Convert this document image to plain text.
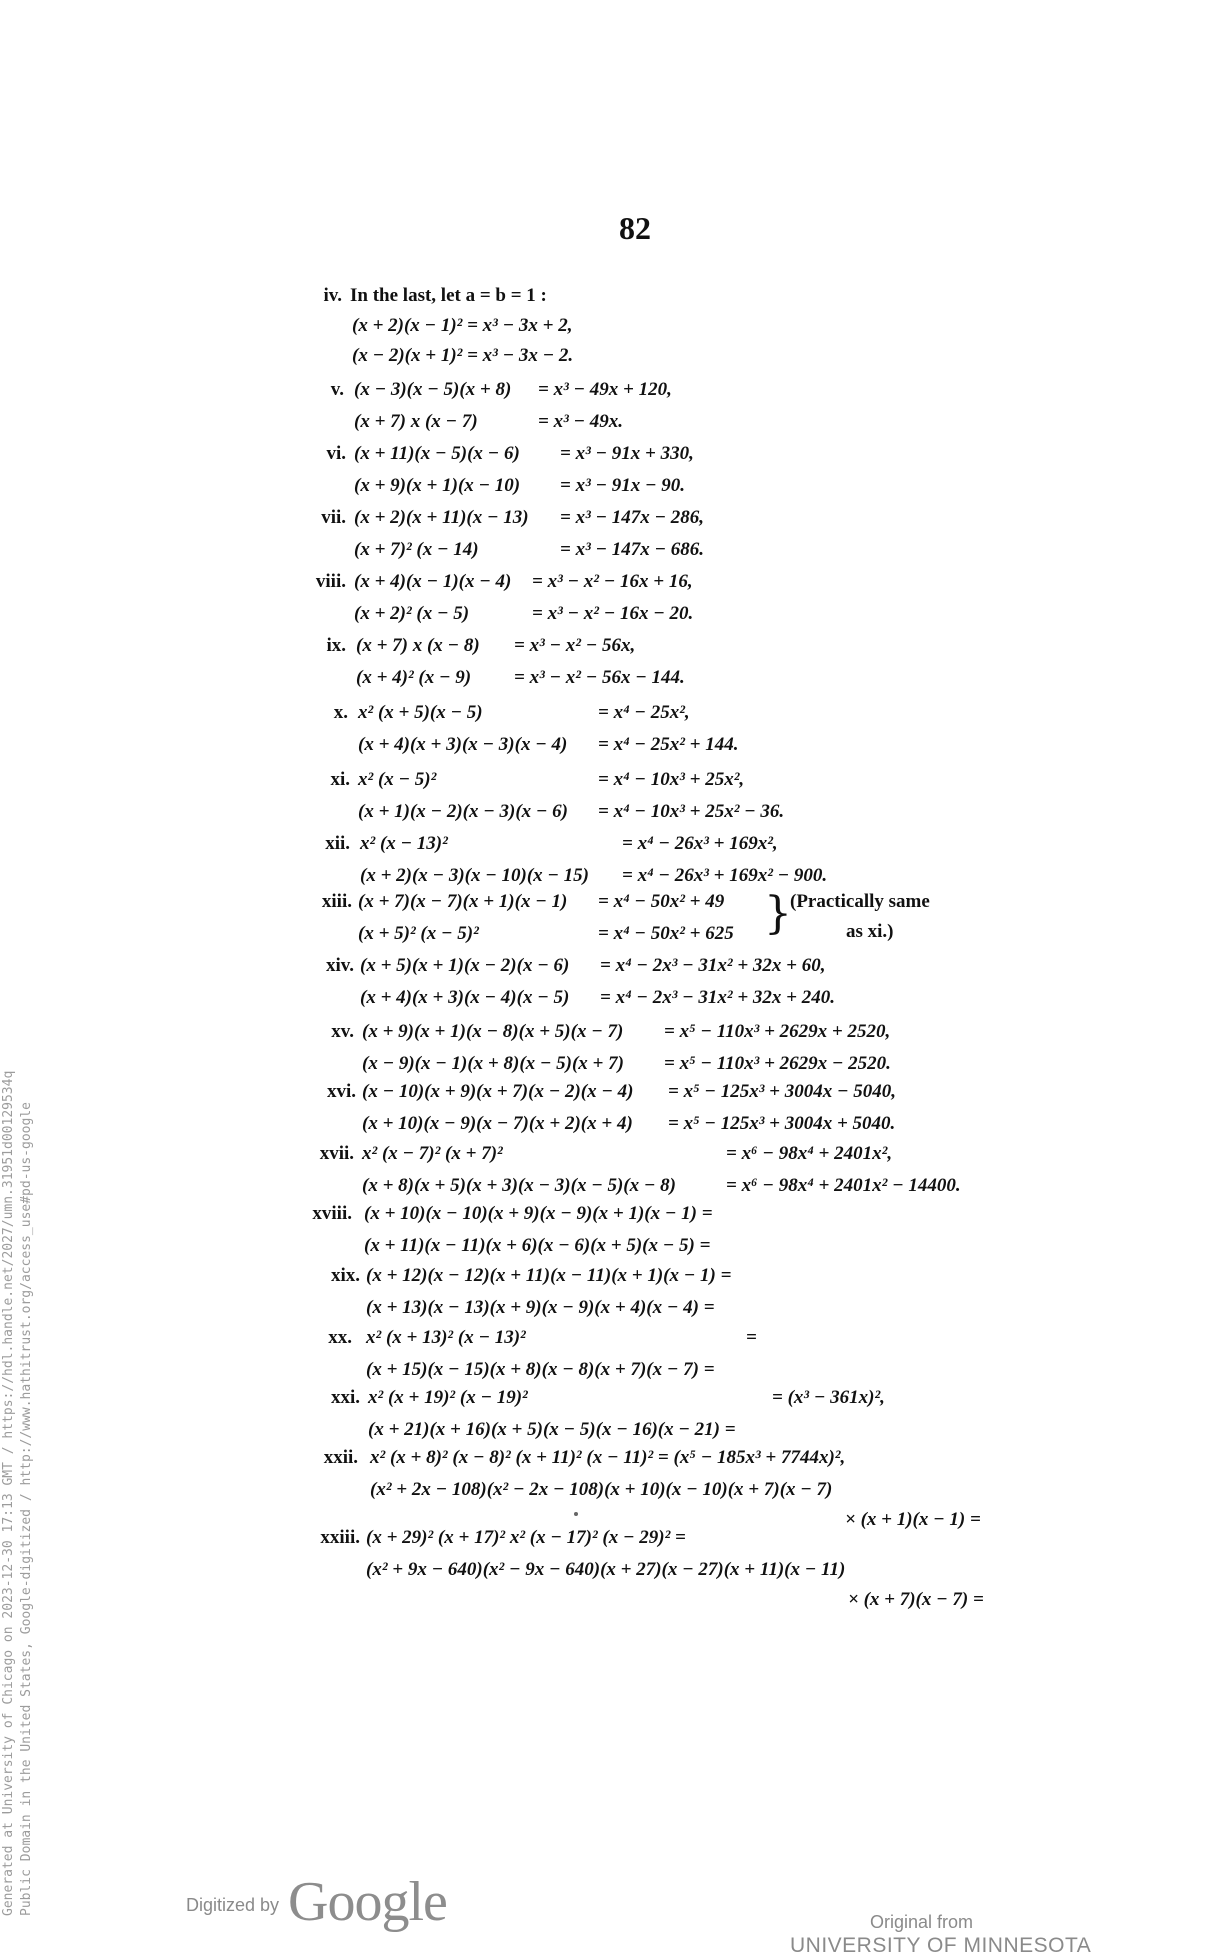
Generated at University of Chicago on 2023-12-30 17:13 GMT / https://hdl.handle.net/2027/umn.31951d00129534q Public Domain in the United States, Google-digitized / http://www.hathitrust.org/access_use#pd-us-google
82
iv. In the last, let a = b = 1 :
(x + 2)(x − 1)² = x³ − 3x + 2,
(x − 2)(x + 1)² = x³ − 3x − 2.
v. (x − 3)(x − 5)(x + 8) = x³ − 49x + 120,
(x + 7) x (x − 7)	= x³ − 49x.
vi. (x + 11)(x − 5)(x − 6) = x³ − 91x + 330,
(x + 9)(x + 1)(x − 10) = x³ − 91x − 90.
vii. (x + 2)(x + 11)(x − 13) = x³ − 147x − 286,
(x + 7)² (x − 14)	= x³ − 147x − 686.
viii. (x + 4)(x − 1)(x − 4) = x³ − x² − 16x + 16,
(x + 2)² (x − 5)	= x³ − x² − 16x − 20.
ix. (x + 7) x (x − 8) = x³ − x² − 56x,
(x + 4)² (x − 9) = x³ − x² − 56x − 144.
x. x² (x + 5)(x − 5)	= x⁴ − 25x²,
(x + 4)(x + 3)(x − 3)(x − 4) = x⁴ − 25x² + 144.
xi. x² (x − 5)²	= x⁴ − 10x³ + 25x²,
(x + 1)(x − 2)(x − 3)(x − 6) = x⁴ − 10x³ + 25x² − 36.
xii. x² (x − 13)²	= x⁴ − 26x³ + 169x²,
(x + 2)(x − 3)(x − 10)(x − 15) = x⁴ − 26x³ + 169x² − 900.
xiii. (x + 7)(x − 7)(x + 1)(x − 1) = x⁴ − 50x² + 49
(x + 5)² (x − 5)²	= x⁴ − 50x² + 625 }
(Practically same
as xi.)
xiv. (x + 5)(x + 1)(x − 2)(x − 6) = x⁴ − 2x³ − 31x² + 32x + 60,
(x + 4)(x + 3)(x − 4)(x − 5) = x⁴ − 2x³ − 31x² + 32x + 240.
xv. (x + 9)(x + 1)(x − 8)(x + 5)(x − 7) = x⁵ − 110x³ + 2629x + 2520,
(x − 9)(x − 1)(x + 8)(x − 5)(x + 7) = x⁵ − 110x³ + 2629x − 2520.
xvi. (x − 10)(x + 9)(x + 7)(x − 2)(x − 4) = x⁵ − 125x³ + 3004x − 5040,
(x + 10)(x − 9)(x − 7)(x + 2)(x + 4) = x⁵ − 125x³ + 3004x + 5040.
xvii. x² (x − 7)² (x + 7)²	= x⁶ − 98x⁴ + 2401x²,
(x + 8)(x + 5)(x + 3)(x − 3)(x − 5)(x − 8)	= x⁶ − 98x⁴ + 2401x² − 14400.
xviii. (x + 10)(x − 10)(x + 9)(x − 9)(x + 1)(x − 1) =
(x + 11)(x − 11)(x + 6)(x − 6)(x + 5)(x − 5) =
xix. (x + 12)(x − 12)(x + 11)(x − 11)(x + 1)(x − 1) =
(x + 13)(x − 13)(x + 9)(x − 9)(x + 4)(x − 4) =
xx. x² (x + 13)² (x − 13)²	=
(x + 15)(x − 15)(x + 8)(x − 8)(x + 7)(x − 7) =
xxi. x² (x + 19)² (x − 19)²	= (x³ − 361x)²,
(x + 21)(x + 16)(x + 5)(x − 5)(x − 16)(x − 21) =
xxii. x² (x + 8)² (x − 8)² (x + 11)² (x − 11)² = (x⁵ − 185x³ + 7744x)²,
(x² + 2x − 108)(x² − 2x − 108)(x + 10)(x − 10)(x + 7)(x − 7)
× (x + 1)(x − 1) =
xxiii. (x + 29)² (x + 17)² x² (x − 17)² (x − 29)² =
(x² + 9x − 640)(x² − 9x − 640)(x + 27)(x − 27)(x + 11)(x − 11)
× (x + 7)(x − 7) =
Digitized by Google	Original from
UNIVERSITY OF MINNESOTA
